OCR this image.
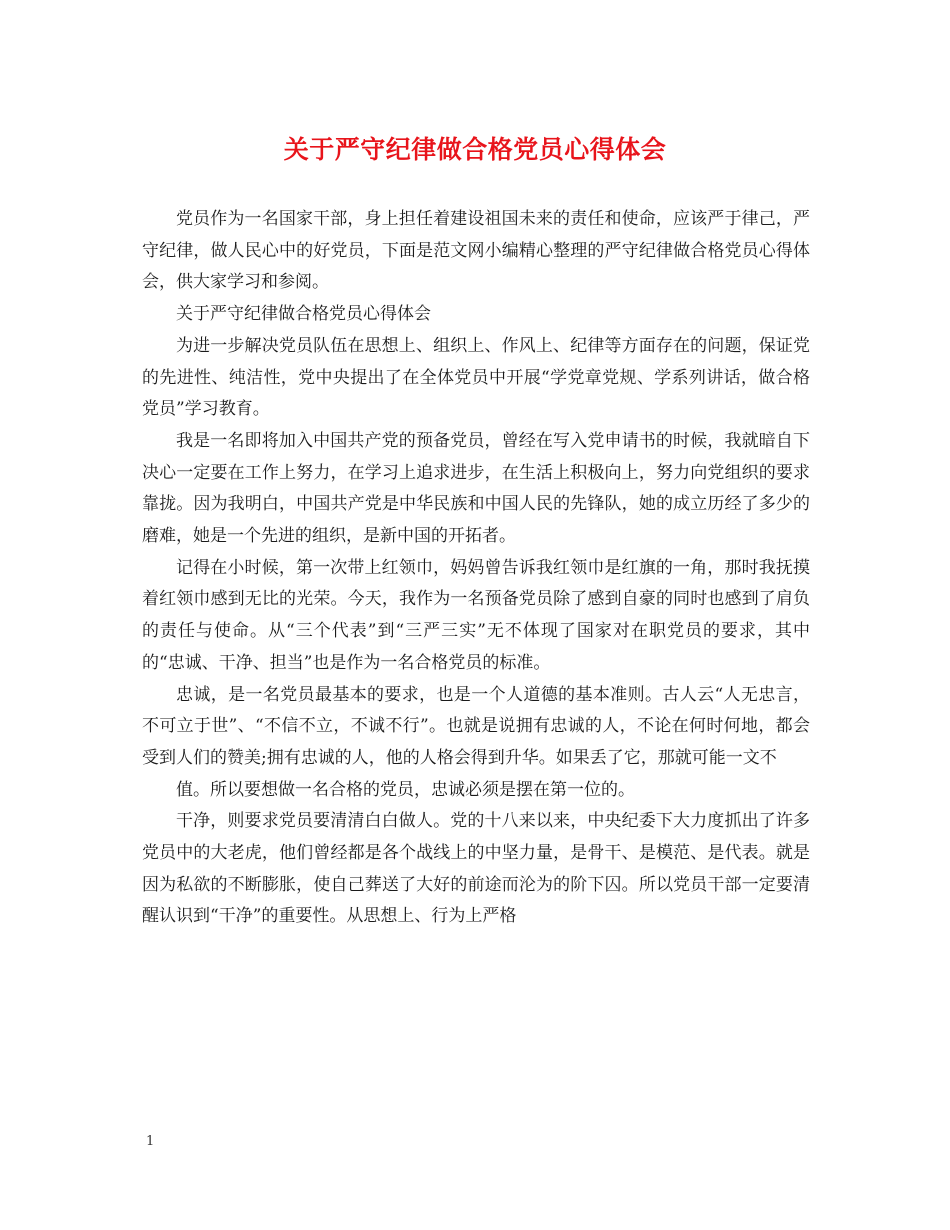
关于严守纪律做合格党员心得体会

党员作为一名国家干部，身上担任着建设祖国未来的责任和使命，应该严于律己，严守纪律，做人民心中的好党员，下面是范文网小编精心整理的严守纪律做合格党员心得体会，供大家学习和参阅。

关于严守纪律做合格党员心得体会

为进一步解决党员队伍在思想上、组织上、作风上、纪律等方面存在的问题，保证党的先进性、纯洁性，党中央提出了在全体党员中开展“学党章党规、学系列讲话，做合格党员”学习教育。

我是一名即将加入中国共产党的预备党员，曾经在写入党申请书的时候，我就暗自下决心一定要在工作上努力，在学习上追求进步，在生活上积极向上，努力向党组织的要求靠拢。因为我明白，中国共产党是中华民族和中国人民的先锋队，她的成立历经了多少的磨难，她是一个先进的组织，是新中国的开拓者。

记得在小时候，第一次带上红领巾，妈妈曾告诉我红领巾是红旗的一角，那时我抚摸着红领巾感到无比的光荣。今天，我作为一名预备党员除了感到自豪的同时也感到了肩负的责任与使命。从“三个代表”到“三严三实”无不体现了国家对在职党员的要求，其中的“忠诚、干净、担当”也是作为一名合格党员的标准。

忠诚，是一名党员最基本的要求，也是一个人道德的基本准则。古人云“人无忠言，不可立于世”、“不信不立，不诚不行”。也就是说拥有忠诚的人，不论在何时何地，都会受到人们的赞美;拥有忠诚的人，他的人格会得到升华。如果丢了它，那就可能一文不

值。所以要想做一名合格的党员，忠诚必须是摆在第一位的。

干净，则要求党员要清清白白做人。党的十八来以来，中央纪委下大力度抓出了许多党员中的大老虎，他们曾经都是各个战线上的中坚力量，是骨干、是模范、是代表。就是因为私欲的不断膨胀，使自己葬送了大好的前途而沦为的阶下囚。所以党员干部一定要清醒认识到“干净”的重要性。从思想上、行为上严格

1
